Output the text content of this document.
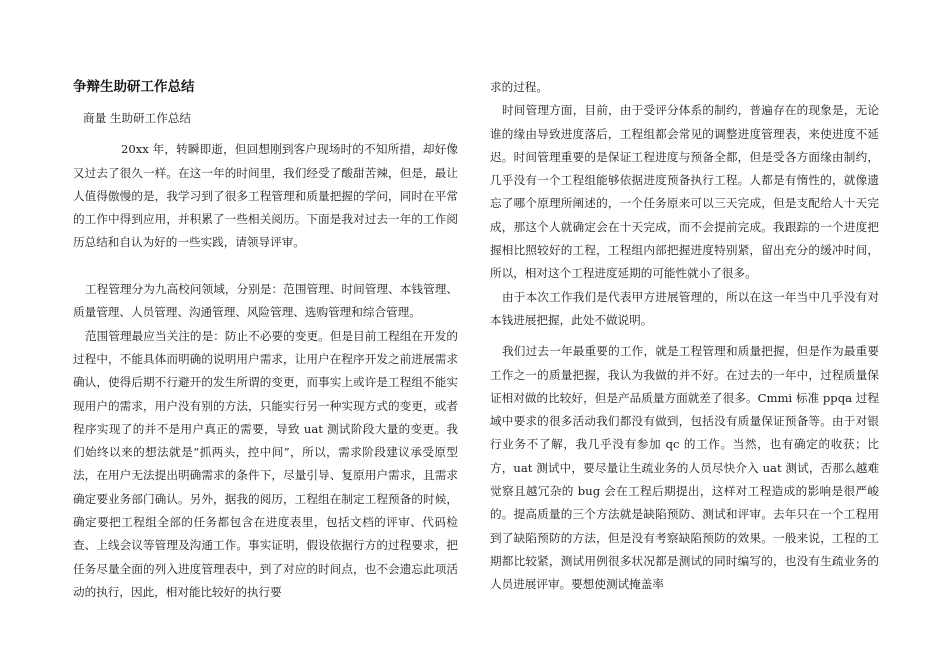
争辩生助研工作总结

商量 生助研工作总结

20xx 年，转瞬即逝，但回想刚到客户现场时的不知所措，却好像又过去了很久一样。在这一年的时间里，我们经受了酸甜苦辣，但是，最让人值得傲慢的是，我学习到了很多工程管理和质量把握的学问，同时在平常的工作中得到应用，并积累了一些相关阅历。下面是我对过去一年的工作阅历总结和自认为好的一些实践，请领导评审。

工程管理分为九高校问领域，分别是：范围管理、时间管理、本钱管理、质量管理、人员管理、沟通管理、风险管理、选购管理和综合管理。

范围管理最应当关注的是：防止不必要的变更。但是目前工程组在开发的过程中，不能具体而明确的说明用户需求，让用户在程序开发之前进展需求确认，使得后期不行避开的发生所谓的变更，而事实上或许是工程组不能实现用户的需求，用户没有别的方法，只能实行另一种实现方式的变更，或者程序实现了的并不是用户真正的需要，导致 uat 测试阶段大量的变更。我们始终以来的想法就是“抓两头，控中间”，所以，需求阶段建议承受原型法，在用户无法提出明确需求的条件下，尽量引导、复原用户需求，且需求确定要业务部门确认。另外，据我的阅历，工程组在制定工程预备的时候，确定要把工程组全部的任务都包含在进度表里，包括文档的评审、代码检查、上线会议等管理及沟通工作。事实证明，假设依据行方的过程要求，把任务尽量全面的列入进度管理表中，到了对应的时间点，也不会遗忘此项活动的执行，因此，相对能比较好的执行要

求的过程。

时间管理方面，目前，由于受评分体系的制约，普遍存在的现象是，无论谁的缘由导致进度落后，工程组都会常见的调整进度管理表，来使进度不延迟。时间管理重要的是保证工程进度与预备全都，但是受各方面缘由制约，几乎没有一个工程组能够依据进度预备执行工程。人都是有惰性的，就像遗忘了哪个原理所阐述的，一个任务原来可以三天完成，但是支配给人十天完成，那这个人就确定会在十天完成，而不会提前完成。我跟踪的一个进度把握相比照较好的工程，工程组内部把握进度特别紧，留出充分的缓冲时间，所以，相对这个工程进度延期的可能性就小了很多。

由于本次工作我们是代表甲方进展管理的，所以在这一年当中几乎没有对本钱进展把握，此处不做说明。

我们过去一年最重要的工作，就是工程管理和质量把握，但是作为最重要工作之一的质量把握，我认为我做的并不好。在过去的一年中，过程质量保证相对做的比较好，但是产品质量方面就差了很多。Cmmi 标准 ppqa 过程域中要求的很多活动我们都没有做到，包括没有质量保证预备等。由于对银行业务不了解，我几乎没有参加 qc 的工作。当然，也有确定的收获；比方，uat 测试中，要尽量让生疏业务的人员尽快介入 uat 测试，否那么越难觉察且越冗杂的 bug 会在工程后期提出，这样对工程造成的影响是很严峻的。提高质量的三个方法就是缺陷预防、测试和评审。去年只在一个工程用到了缺陷预防的方法，但是没有考察缺陷预防的效果。一般来说，工程的工期都比较紧，测试用例很多状况都是测试的同时编写的，也没有生疏业务的人员进展评审。要想使测试掩盖率
